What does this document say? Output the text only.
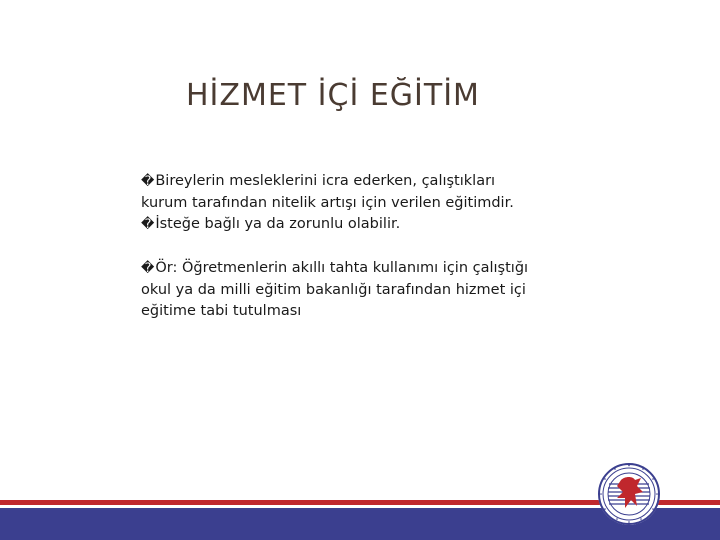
HİZMET İÇİ EĞİTİM
�Bireylerin mesleklerini icra ederken, çalıştıkları
kurum tarafından nitelik artışı için verilen eğitimdir.
�İsteğe bağlı ya da zorunlu olabilir.
�Ör: Öğretmenlerin akıllı tahta kullanımı için çalıştığı
okul ya da milli eğitim bakanlığı tarafından hizmet içi
eğitime tabi tutulması
